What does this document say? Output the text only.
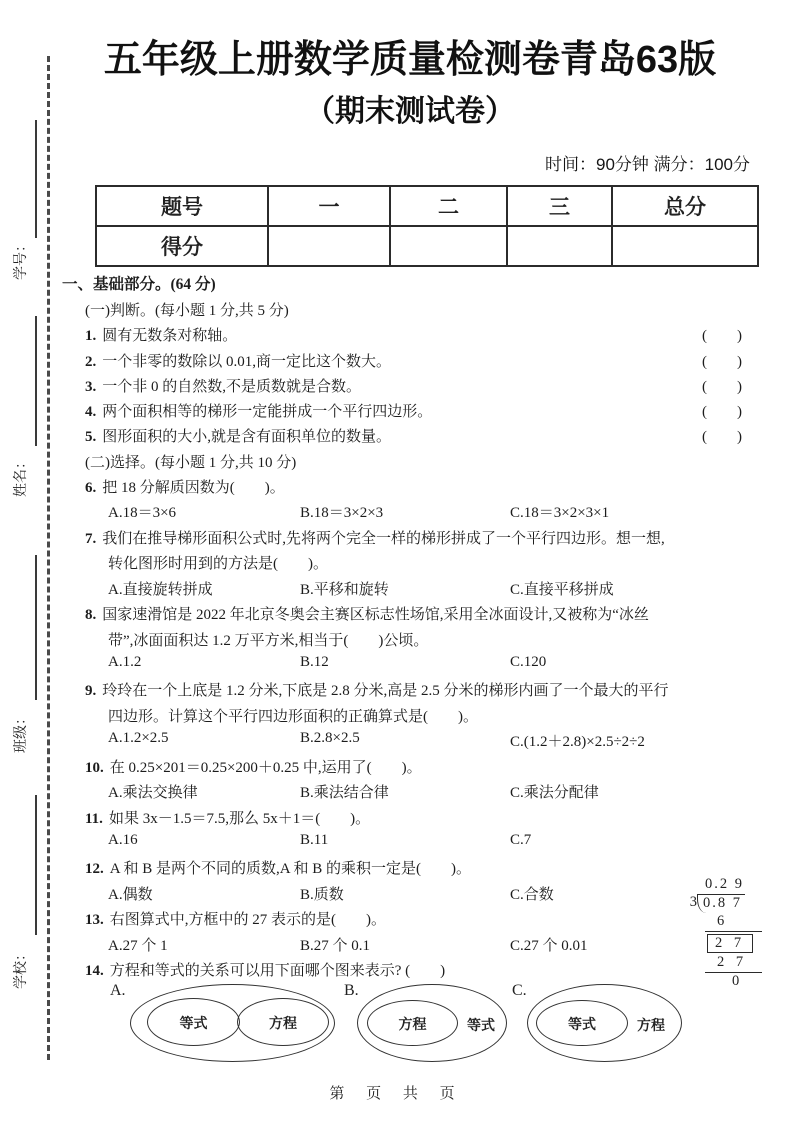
学号：
姓名：
班级：
学校：
五年级上册数学质量检测卷青岛63版
（期末测试卷）
时间：90分钟 满分：100分
题号	一	二	三	总分
得分				
一、基础部分。(64 分)
(一)判断。(每小题 1 分,共 5 分)
1. 圆有无数条对称轴。	(　　)
2. 一个非零的数除以 0.01,商一定比这个数大。	(　　)
3. 一个非 0 的自然数,不是质数就是合数。	(　　)
4. 两个面积相等的梯形一定能拼成一个平行四边形。	(　　)
5. 图形面积的大小,就是含有面积单位的数量。	(　　)
(二)选择。(每小题 1 分,共 10 分)
6. 把 18 分解质因数为(　　)。
A.18＝3×6	B.18＝3×2×3	C.18＝3×2×3×1
7. 我们在推导梯形面积公式时,先将两个完全一样的梯形拼成了一个平行四边形。想一想,
转化图形时用到的方法是(　　)。
A.直接旋转拼成	B.平移和旋转	C.直接平移拼成
8. 国家速滑馆是 2022 年北京冬奥会主赛区标志性场馆,采用全冰面设计,又被称为“冰丝
带”,冰面面积达 1.2 万平方米,相当于(　　)公顷。
A.1.2	B.12	C.120
9. 玲玲在一个上底是 1.2 分米,下底是 2.8 分米,高是 2.5 分米的梯形内画了一个最大的平行
四边形。计算这个平行四边形面积的正确算式是(　　)。
A.1.2×2.5	B.2.8×2.5	C.(1.2＋2.8)×2.5÷2÷2
10. 在 0.25×201＝0.25×200＋0.25 中,运用了(　　)。
A.乘法交换律	B.乘法结合律	C.乘法分配律
11. 如果 3x－1.5＝7.5,那么 5x＋1＝(　　)。
A.16	B.11	C.7
12. A 和 B 是两个不同的质数,A 和 B 的乘积一定是(　　)。
A.偶数	B.质数	C.合数
13. 右图算式中,方框中的 27 表示的是(　　)。
A.27 个 1	B.27 个 0.1	C.27 个 0.01
14. 方程和等式的关系可以用下面哪个图来表示? (　　)
0.2 9
3 0.8 7
6
2 7
2 7
0
A.
等式	方程
B.
方程	等式
C.
等式	方程
第 页 共 页
